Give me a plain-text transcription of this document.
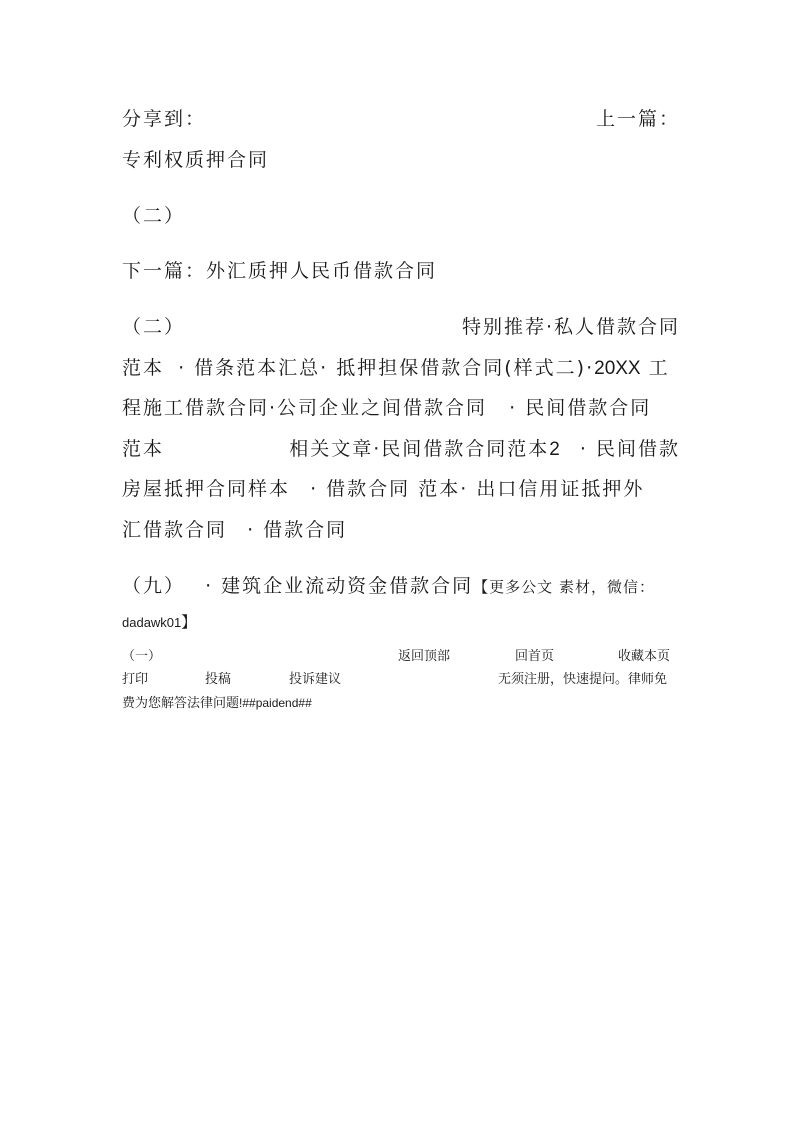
分享到：	上一篇：
专利权质押合同
（二）
下一篇：外汇质押人民币借款合同
（二）	特别推荐·私人借款合同
范本 · 借条范本汇总· 抵押担保借款合同(样式二)·20XX 工
程施工借款合同·公司企业之间借款合同 · 民间借款合同
范本	相关文章·民间借款合同范本2 · 民间借款
房屋抵押合同样本 · 借款合同 范本· 出口信用证抵押外
汇借款合同 · 借款合同
（九） · 建筑企业流动资金借款合同【更多公文 素材，微信：
dadawk01】
（一）	返回顶部	回首页	收藏本页
打印	投稿	投诉建议	无须注册，快速提问。律师免
费为您解答法律问题!##paidend##
